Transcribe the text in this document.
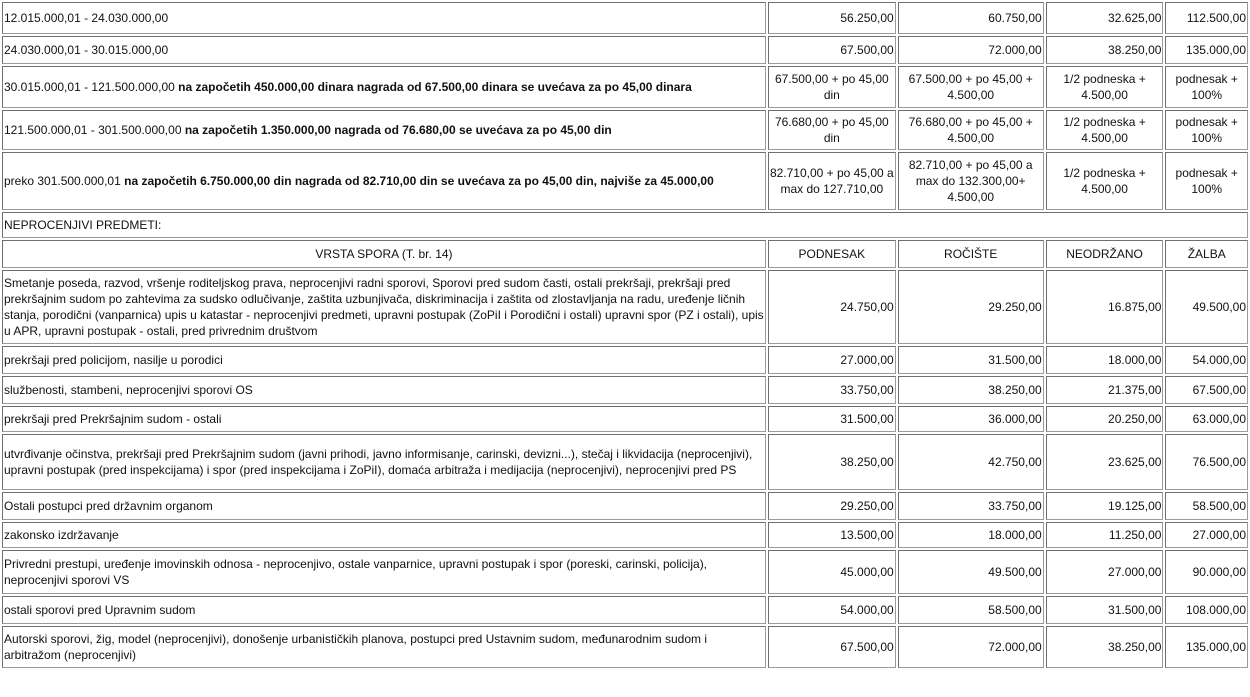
12.015.000,01 - 24.030.000,00	56.250,00	60.750,00	32.625,00	112.500,00
24.030.000,01 - 30.015.000,00	67.500,00	72.000,00	38.250,00	135.000,00
30.015.000,01 - 121.500.000,00 na započetih 450.000,00 dinara nagrada od 67.500,00 dinara se uvećava za po 45,00 dinara	67.500,00 + po 45,00 din	67.500,00 + po 45,00 + 4.500,00	1/2 podneska + 4.500,00	podnesak + 100%
121.500.000,01 - 301.500.000,00 na započetih 1.350.000,00 nagrada od 76.680,00 se uvećava za po 45,00 din	76.680,00 + po 45,00 din	76.680,00 + po 45,00 + 4.500,00	1/2 podneska + 4.500,00	podnesak + 100%
preko 301.500.000,01 na započetih 6.750.000,00 din nagrada od 82.710,00 din se uvećava za po 45,00 din, najviše za 45.000,00	82.710,00 + po 45,00 a max do 127.710,00	82.710,00 + po 45,00 a max do 132.300,00+ 4.500,00	1/2 podneska + 4.500,00	podnesak + 100%
NEPROCENJIVI PREDMETI:				
VRSTA SPORA (T. br. 14)	PODNESAK	ROČIŠTE	NEODRŽANO	ŽALBA
Smetanje poseda, razvod, vršenje roditeljskog prava, neprocenjivi radni sporovi, Sporovi pred sudom časti, ostali prekršaji, prekršaji pred prekršajnim sudom po zahtevima za sudsko odlučivanje, zaštita uzbunjivača, diskriminacija i zaštita od zlostavljanja na radu, uređenje ličnih stanja, porodični (vanparnica) upis u katastar - neprocenjivi predmeti, upravni postupak (ZoPiI i Porodični i ostali) upravni spor (PZ i ostali), upis u APR, upravni postupak - ostali, pred privrednim društvom	24.750,00	29.250,00	16.875,00	49.500,00
prekršaji pred policijom, nasilje u porodici	27.000,00	31.500,00	18.000,00	54.000,00
službenosti, stambeni, neprocenjivi sporovi OS	33.750,00	38.250,00	21.375,00	67.500,00
prekršaji pred Prekršajnim sudom - ostali	31.500,00	36.000,00	20.250,00	63.000,00
utvrđivanje očinstva, prekršaji pred Prekršajnim sudom (javni prihodi, javno informisanje, carinski, devizni...), stečaj i likvidacija (neprocenjivi), upravni postupak (pred inspekcijama) i spor (pred inspekcijama i ZoPiI), domaća arbitraža i medijacija (neprocenjivi), neprocenjivi pred PS	38.250,00	42.750,00	23.625,00	76.500,00
Ostali postupci pred državnim organom	29.250,00	33.750,00	19.125,00	58.500,00
zakonsko izdržavanje	13.500,00	18.000,00	11.250,00	27.000,00
Privredni prestupi, uređenje imovinskih odnosa - neprocenjivo, ostale vanparnice, upravni postupak i spor (poreski, carinski, policija), neprocenjivi sporovi VS	45.000,00	49.500,00	27.000,00	90.000,00
ostali sporovi pred Upravnim sudom	54.000,00	58.500,00	31.500,00	108.000,00
Autorski sporovi, žig, model (neprocenjivi), donošenje urbanističkih planova, postupci pred Ustavnim sudom, međunarodnim sudom i arbitražom (neprocenjivi)	67.500,00	72.000,00	38.250,00	135.000,00
